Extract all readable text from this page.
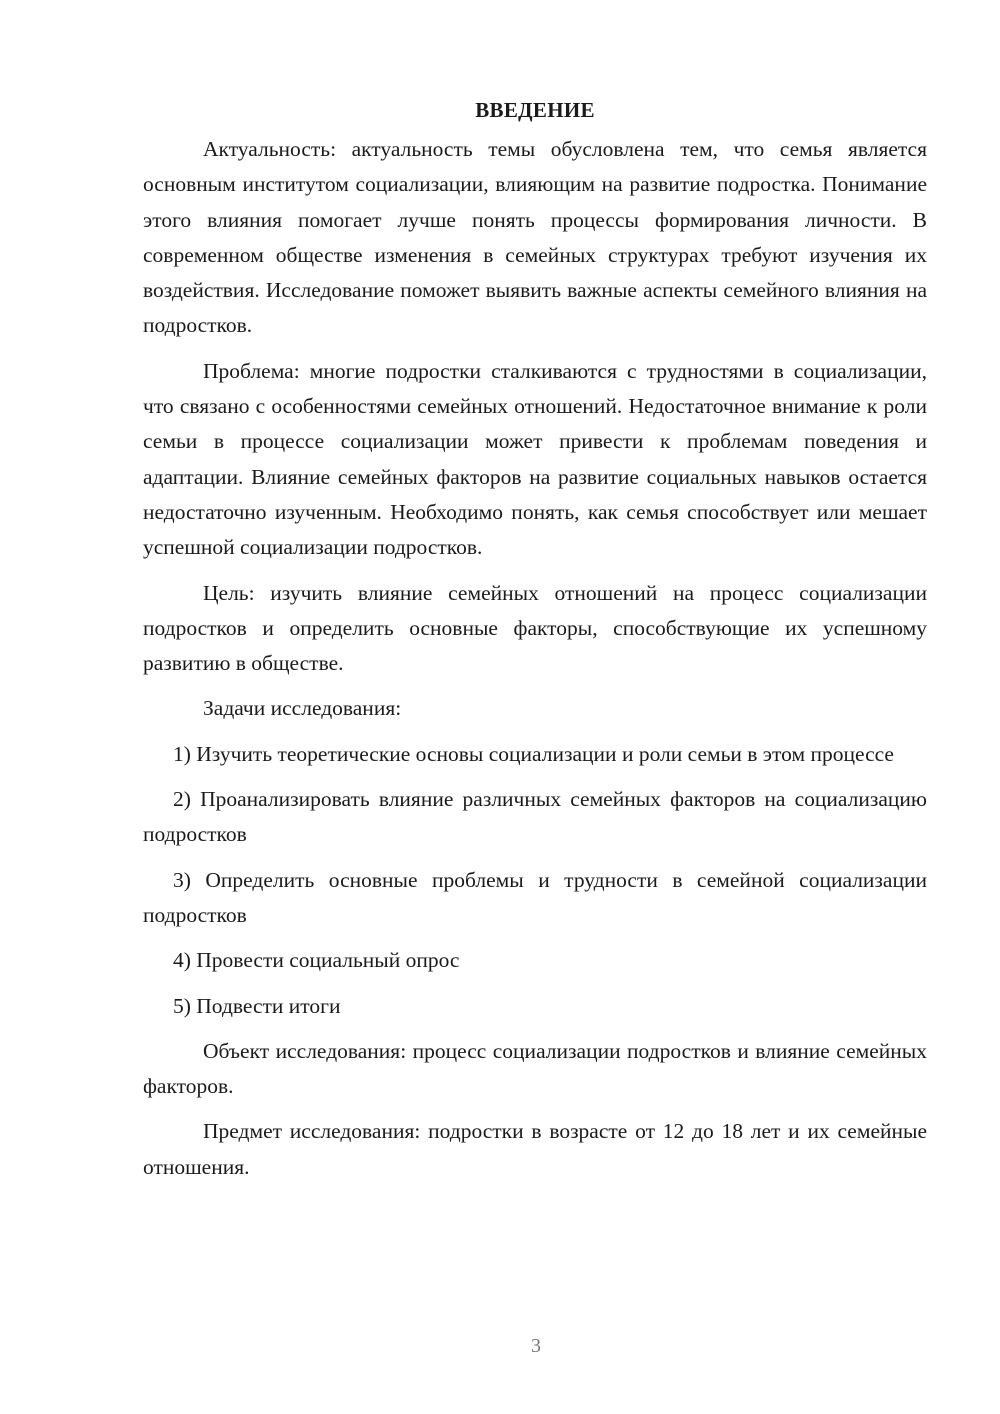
ВВЕДЕНИЕ

Актуальность: актуальность темы обусловлена тем, что семья является основным институтом социализации, влияющим на развитие подростка. Понимание этого влияния помогает лучше понять процессы формирования личности. В современном обществе изменения в семейных структурах требуют изучения их воздействия. Исследование поможет выявить важные аспекты семейного влияния на подростков.

Проблема: многие подростки сталкиваются с трудностями в социализации, что связано с особенностями семейных отношений. Недостаточное внимание к роли семьи в процессе социализации может привести к проблемам поведения и адаптации. Влияние семейных факторов на развитие социальных навыков остается недостаточно изученным. Необходимо понять, как семья способствует или мешает успешной социализации подростков.

Цель: изучить влияние семейных отношений на процесс социализации подростков и определить основные факторы, способствующие их успешному развитию в обществе.

Задачи исследования:

1) Изучить теоретические основы социализации и роли семьи в этом процессе

2) Проанализировать влияние различных семейных факторов на социализацию подростков

3) Определить основные проблемы и трудности в семейной социализации подростков

4) Провести социальный опрос

5) Подвести итоги

Объект исследования: процесс социализации подростков и влияние семейных факторов.

Предмет исследования: подростки в возрасте от 12 до 18 лет и их семейные отношения.

3
